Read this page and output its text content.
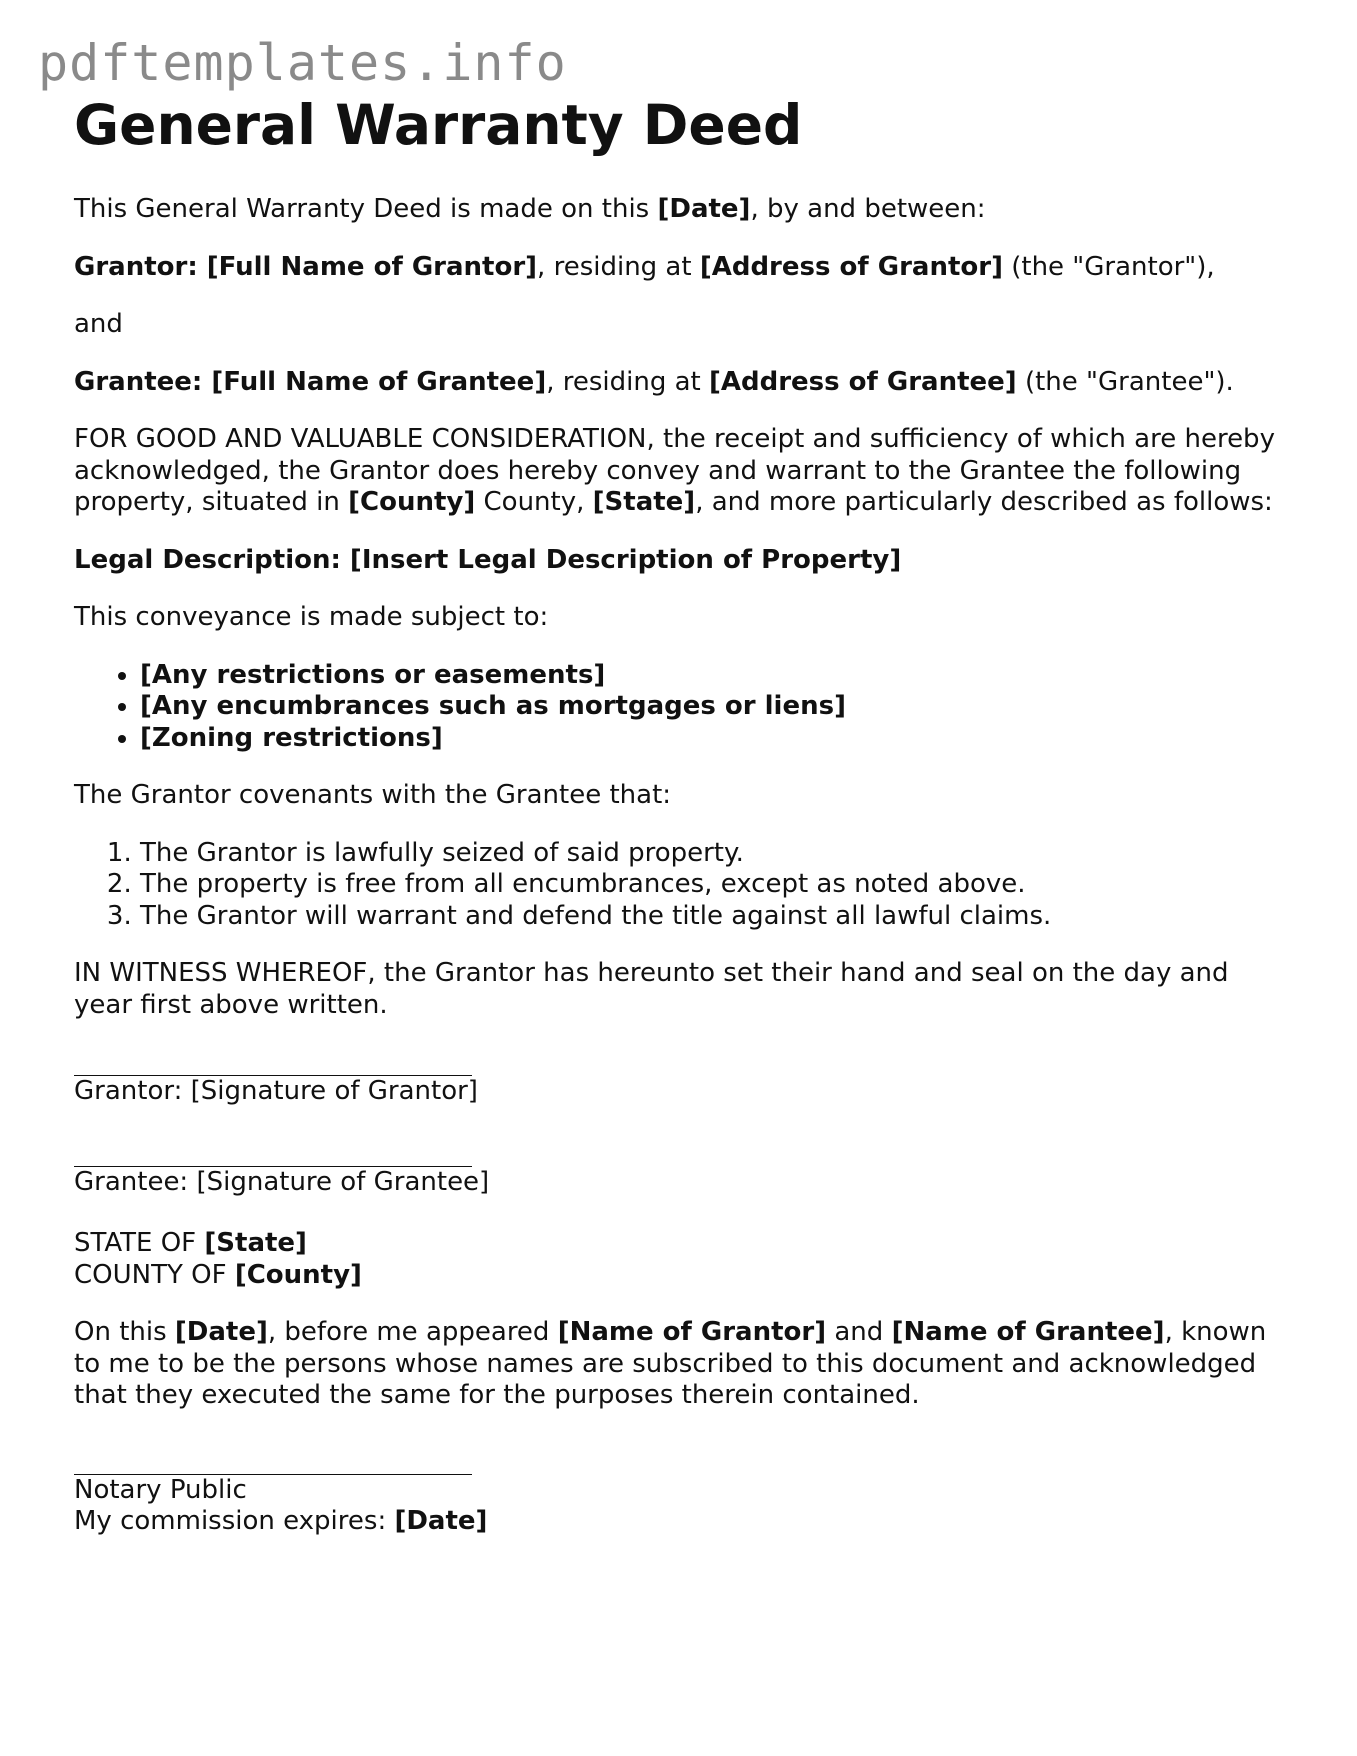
pdftemplates.info
General Warranty Deed

This General Warranty Deed is made on this [Date], by and between:

Grantor: [Full Name of Grantor], residing at [Address of Grantor] (the "Grantor"),

and

Grantee: [Full Name of Grantee], residing at [Address of Grantee] (the "Grantee").

FOR GOOD AND VALUABLE CONSIDERATION, the receipt and sufficiency of which are hereby acknowledged, the Grantor does hereby convey and warrant to the Grantee the following property, situated in [County] County, [State], and more particularly described as follows:

Legal Description: [Insert Legal Description of Property]

This conveyance is made subject to:

• [Any restrictions or easements]
• [Any encumbrances such as mortgages or liens]
• [Zoning restrictions]

The Grantor covenants with the Grantee that:

1. The Grantor is lawfully seized of said property.
2. The property is free from all encumbrances, except as noted above.
3. The Grantor will warrant and defend the title against all lawful claims.

IN WITNESS WHEREOF, the Grantor has hereunto set their hand and seal on the day and year first above written.

Grantor: [Signature of Grantor]
Grantee: [Signature of Grantee]
STATE OF [State]
COUNTY OF [County]

On this [Date], before me appeared [Name of Grantor] and [Name of Grantee], known to me to be the persons whose names are subscribed to this document and acknowledged that they executed the same for the purposes therein contained.

Notary Public
My commission expires: [Date]
